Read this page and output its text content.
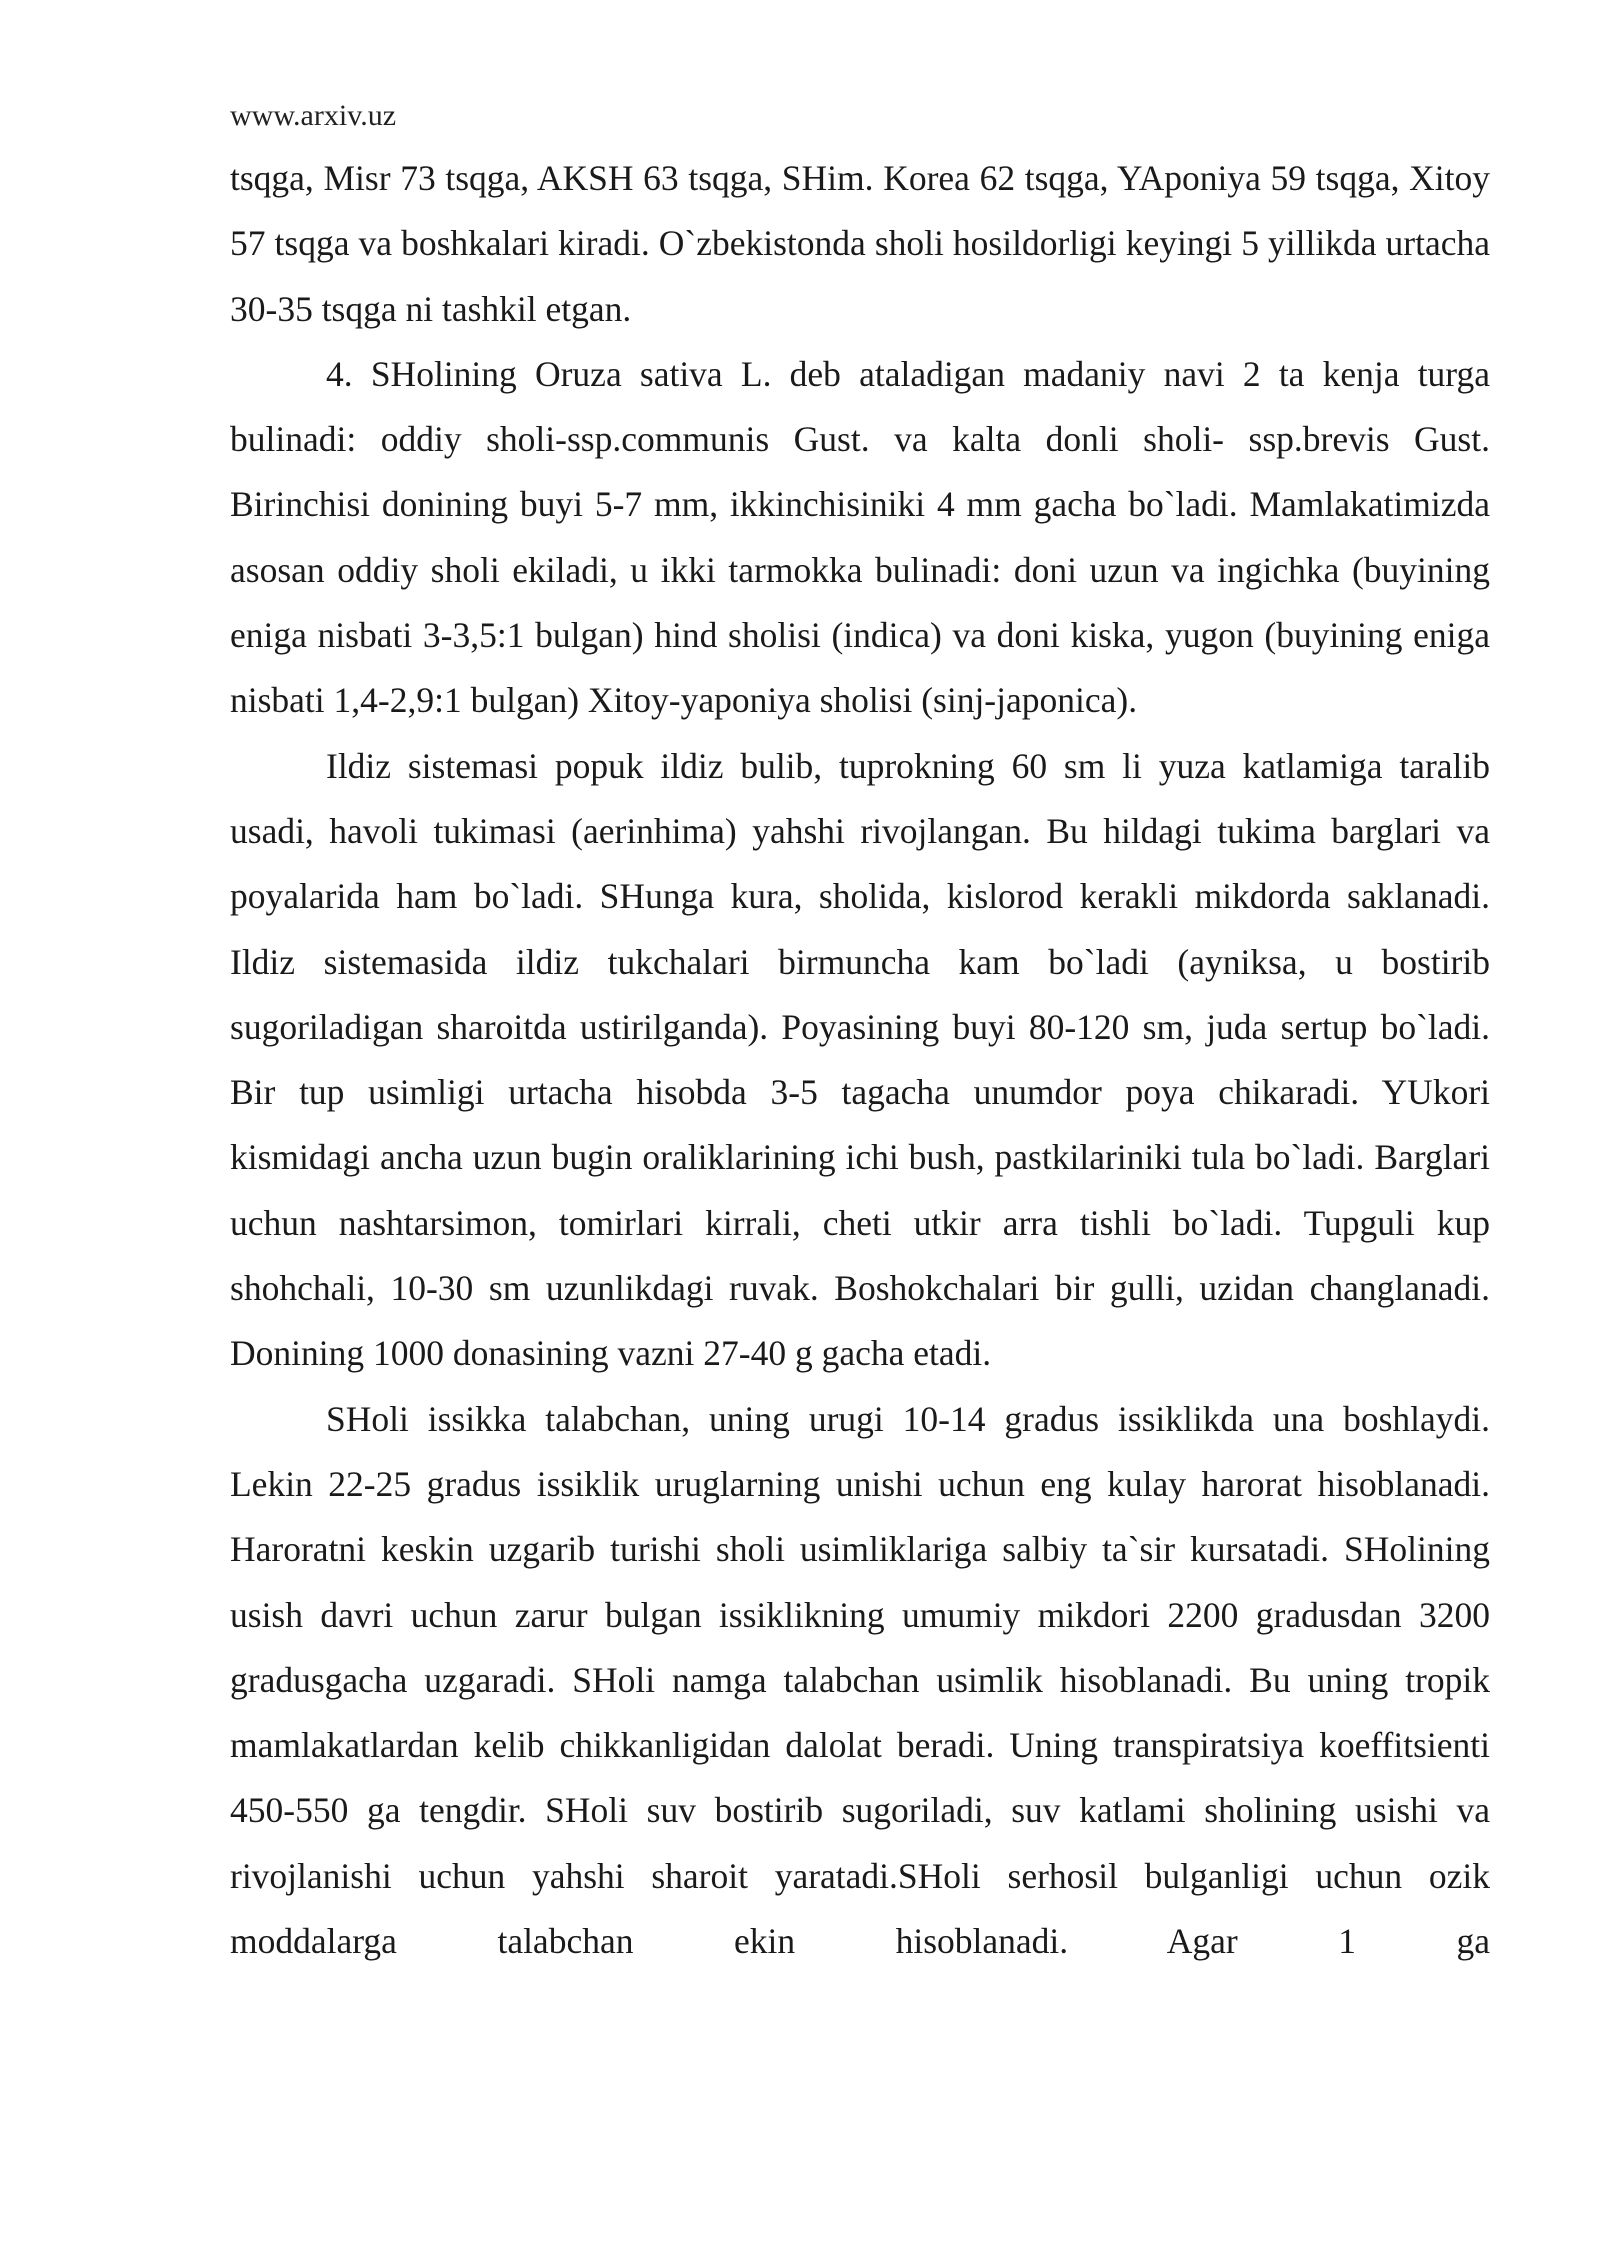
www.arxiv.uz

tsqga, Misr 73 tsqga, AKSH 63 tsqga, SHim. Korea 62 tsqga, YAponiya 59 tsqga, Xitoy 57 tsqga va boshkalari kiradi. O`zbekistonda sholi hosildorligi keyingi 5 yillikda urtacha 30-35 tsqga ni tashkil etgan.

4. SHolining Oruza sativa L. deb ataladigan madaniy navi 2 ta kenja turga bulinadi: oddiy sholi-ssp.communis Gust. va kalta donli sholi- ssp.brevis Gust. Birinchisi donining buyi 5-7 mm, ikkinchisiniki 4 mm gacha bo`ladi. Mamlakatimizda asosan oddiy sholi ekiladi, u ikki tarmokka bulinadi: doni uzun va ingichka (buyining eniga nisbati 3-3,5:1 bulgan) hind sholisi (indica) va doni kiska, yugon (buyining eniga nisbati 1,4-2,9:1 bulgan) Xitoy-yaponiya sholisi (sinj-japonica).

Ildiz sistemasi popuk ildiz bulib, tuprokning 60 sm li yuza katlamiga taralib usadi, havoli tukimasi (aerinhima) yahshi rivojlangan. Bu hildagi tukima barglari va poyalarida ham bo`ladi. SHunga kura, sholida, kislorod kerakli mikdorda saklanadi. Ildiz sistemasida ildiz tukchalari birmuncha kam bo`ladi (ayniksa, u bostirib sugoriladigan sharoitda ustirilganda). Poyasining buyi 80-120 sm, juda sertup bo`ladi. Bir tup usimligi urtacha hisobda 3-5 tagacha unumdor poya chikaradi. YUkori kismidagi ancha uzun bugin oraliklarining ichi bush, pastkilariniki tula bo`ladi. Barglari uchun nashtarsimon, tomirlari kirrali, cheti utkir arra tishli bo`ladi. Tupguli kup shohchali, 10-30 sm uzunlikdagi ruvak. Boshokchalari bir gulli, uzidan changlanadi. Donining 1000 donasining vazni 27-40 g gacha etadi.

SHoli issikka talabchan, uning urugi 10-14 gradus issiklikda una boshlaydi. Lekin 22-25 gradus issiklik uruglarning unishi uchun eng kulay harorat hisoblanadi. Haroratni keskin uzgarib turishi sholi usimliklariga salbiy ta`sir kursatadi. SHolining usish davri uchun zarur bulgan issiklikning umumiy mikdori 2200 gradusdan 3200 gradusgacha uzgaradi. SHoli namga talabchan usimlik hisoblanadi. Bu uning tropik mamlakatlardan kelib chikkanligidan dalolat beradi. Uning transpiratsiya koeffitsienti 450-550 ga tengdir. SHoli suv bostirib sugoriladi, suv katlami sholining usishi va rivojlanishi uchun yahshi sharoit yaratadi.SHoli serhosil bulganligi uchun ozik moddalarga talabchan ekin hisoblanadi. Agar 1 ga
